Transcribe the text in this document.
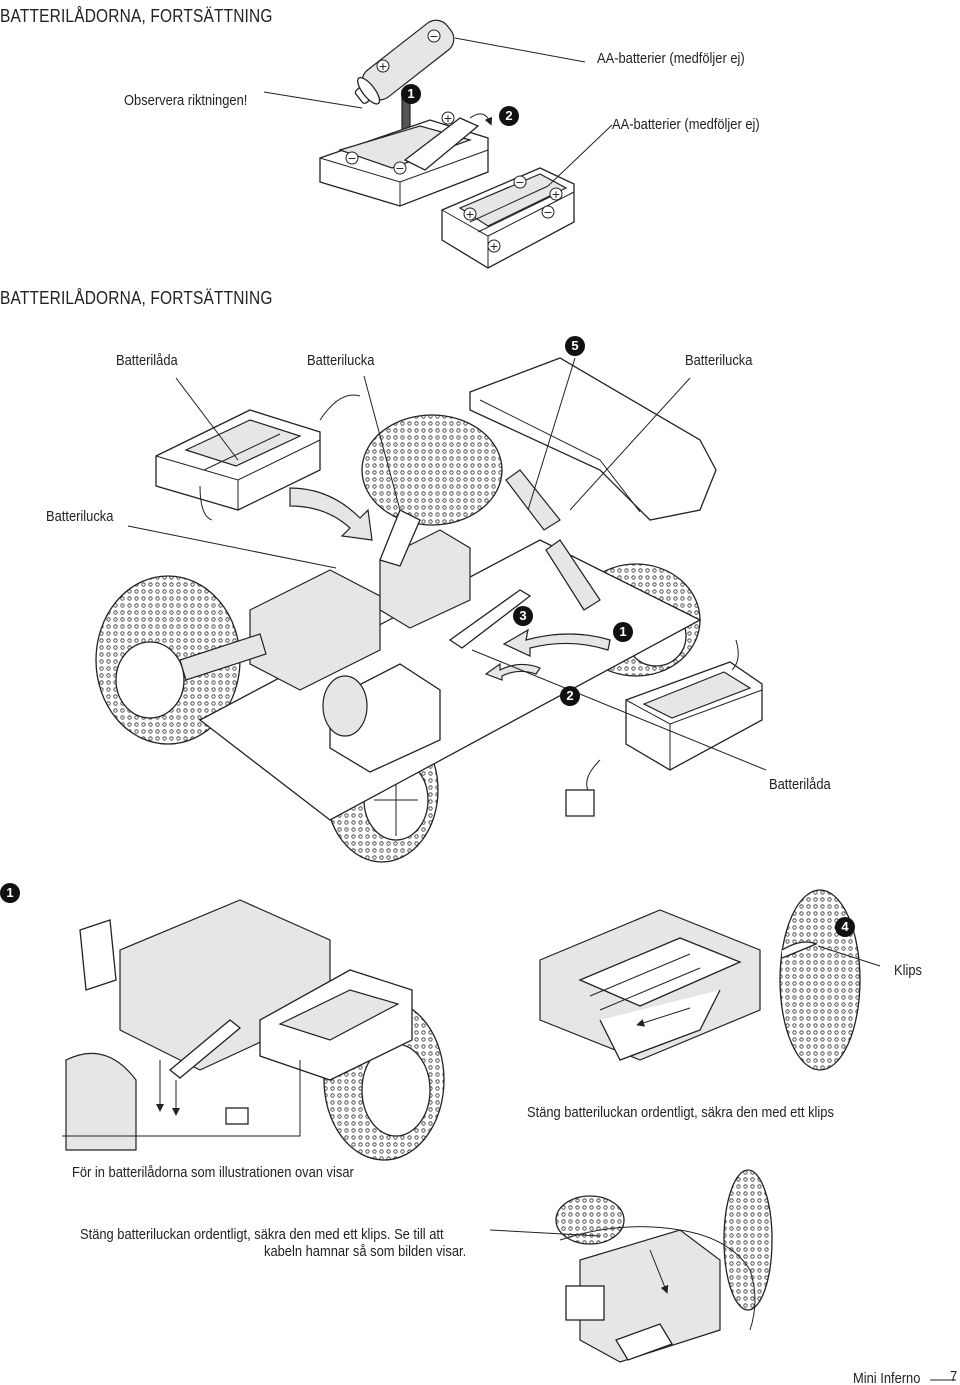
+
−
+
−
−
+
−
+
−
+
BATTERILÅDORNA, FORTSÄTTNING
Observera riktningen!
AA-batterier (medföljer ej)
AA-batterier (medföljer ej)
1
2
BATTERILÅDORNA, FORTSÄTTNING
Batterilåda	Batterilucka	Batterilucka
Batterilucka
Batterilåda
5
3
1
2
1
4
Klips
Stäng batteriluckan ordentligt, säkra den med ett klips
För in batterilådorna som illustrationen ovan visar
Stäng batteriluckan ordentligt, säkra den med ett klips. Se till att
kabeln hamnar så som bilden visar.
Mini Inferno 7
